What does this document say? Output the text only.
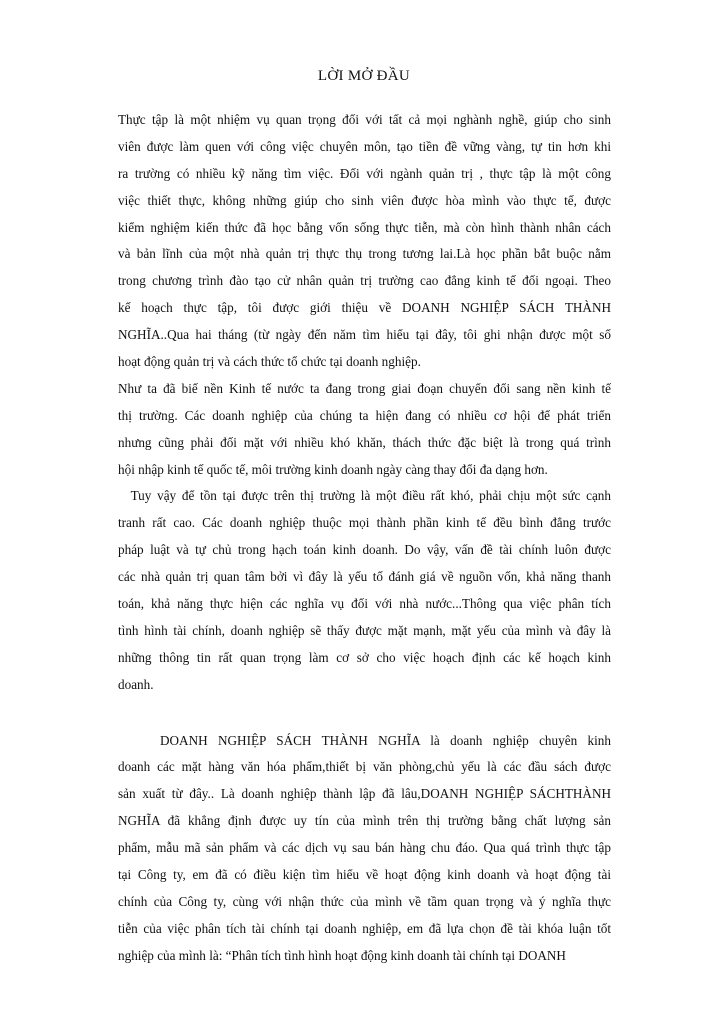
LỜI MỞ ĐẦU
Thực tập là một nhiệm vụ quan trọng đối với tất cả mọi nghành nghề, giúp cho sinh
viên được làm quen với công việc chuyên môn, tạo tiền đề vững vàng, tự tin hơn khi
ra trường có nhiều kỹ năng tìm việc. Đối với ngành quản trị , thực tập là một công
việc thiết thực, không những giúp cho sinh viên được hòa mình vào thực tế, được
kiểm nghiệm kiến thức đã học bằng vốn sống thực tiễn, mà còn hình thành nhân cách
và bản lĩnh của một nhà quản trị thực thụ trong tương lai.Là học phần bắt buộc nằm
trong chương trình đào tạo cử nhân quản trị trường cao đẳng kinh tế đối ngoại. Theo
kế hoạch thực tập, tôi được giới thiệu về DOANH NGHIỆP SÁCH THÀNH
NGHĨA..Qua hai tháng (từ ngày đến năm tìm hiểu tại đây, tôi ghi nhận được một số
hoạt động quản trị và cách thức tổ chức tại doanh nghiệp.
Như ta đã biế nền Kinh tế nước ta đang trong giai đoạn chuyển đổi sang nền kinh tế
thị trường. Các doanh nghiệp của chúng ta hiện đang có nhiều cơ hội để phát triển
nhưng cũng phải đối mặt với nhiều khó khăn, thách thức đặc biệt là trong quá trình
hội nhập kinh tế quốc tế, môi trường kinh doanh ngày càng thay đổi đa dạng hơn.
Tuy vậy để tồn tại được trên thị trường là một điều rất khó, phải chịu một sức cạnh
tranh rất cao. Các doanh nghiệp thuộc mọi thành phần kinh tế đều bình đẳng trước
pháp luật và tự chủ trong hạch toán kinh doanh. Do vậy, vấn đề tài chính luôn được
các nhà quản trị quan tâm bởi vì đây là yếu tố đánh giá về nguồn vốn, khả năng thanh
toán, khả năng thực hiện các nghĩa vụ đối với nhà nước...Thông qua việc phân tích
tình hình tài chính, doanh nghiệp sẽ thấy được mặt mạnh, mặt yếu của mình và đây là
những thông tin rất quan trọng làm cơ sở cho việc hoạch định các kế hoạch kinh
doanh.
DOANH NGHIỆP SÁCH THÀNH NGHĨA là doanh nghiệp chuyên kinh
doanh các mặt hàng văn hóa phẩm,thiết bị văn phòng,chủ yếu là các đầu sách được
sản xuất từ đây.. Là doanh nghiệp thành lập đã lâu,DOANH NGHIỆP SÁCHTHÀNH
NGHĨA đã khẳng định được uy tín của mình trên thị trường bằng chất lượng sản
phẩm, mẫu mã sản phẩm và các dịch vụ sau bán hàng chu đáo. Qua quá trình thực tập
tại Công ty, em đã có điều kiện tìm hiểu về hoạt động kinh doanh và hoạt động tài
chính của Công ty, cùng với nhận thức của mình về tầm quan trọng và ý nghĩa thực
tiễn của việc phân tích tài chính tại doanh nghiệp, em đã lựa chọn đề tài khóa luận tốt
nghiệp của mình là: “Phân tích tình hình hoạt động kinh doanh tài chính tại DOANH
